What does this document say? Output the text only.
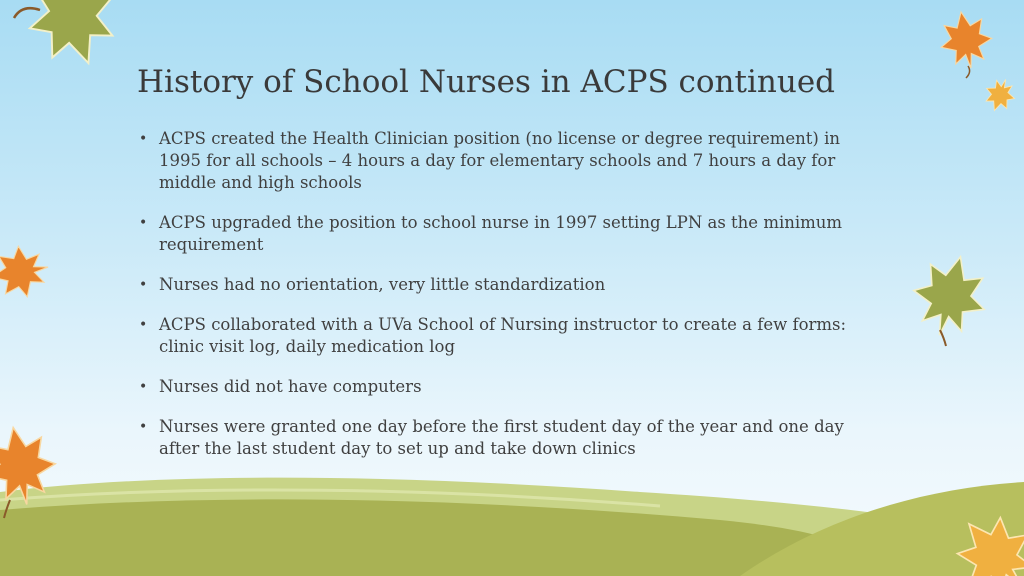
History of School Nurses in ACPS continued
• ACPS created the Health Clinician position (no license or degree requirement) in 1995 for all schools – 4 hours a day for elementary schools and 7 hours a day for middle and high schools
• ACPS upgraded the position to school nurse in 1997 setting LPN as the minimum requirement
• Nurses had no orientation, very little standardization
• ACPS collaborated with a UVa School of Nursing instructor to create a few forms: clinic visit log, daily medication log
• Nurses did not have computers
• Nurses were granted one day before the first student day of the year and one day after the last student day to set up and take down clinics
